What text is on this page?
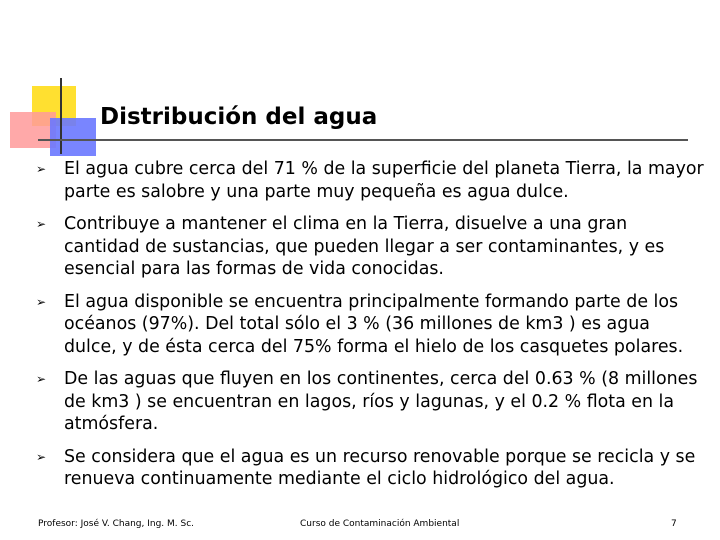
Distribución del agua
➢	El agua cubre cerca del 71 % de la superficie del planeta Tierra, la mayor parte es salobre y una parte muy pequeña es agua dulce.
➢	Contribuye a mantener el clima en la Tierra, disuelve a una gran cantidad de sustancias, que pueden llegar a ser contaminantes, y es esencial para las formas de vida conocidas.
➢	El agua disponible se encuentra principalmente formando parte de los océanos (97%). Del total sólo el 3 % (36 millones de km3 ) es agua dulce, y de ésta cerca del 75% forma el hielo de los casquetes polares.
➢	De las aguas que fluyen en los continentes, cerca del 0.63 % (8 millones de km3 ) se encuentran en lagos, ríos y lagunas, y el 0.2 % flota en la atmósfera.
➢	Se considera que el agua es un recurso renovable porque se recicla y se renueva continuamente mediante el ciclo hidrológico del agua.
Profesor: José V. Chang, Ing. M. Sc.	Curso de Contaminación Ambiental	7
